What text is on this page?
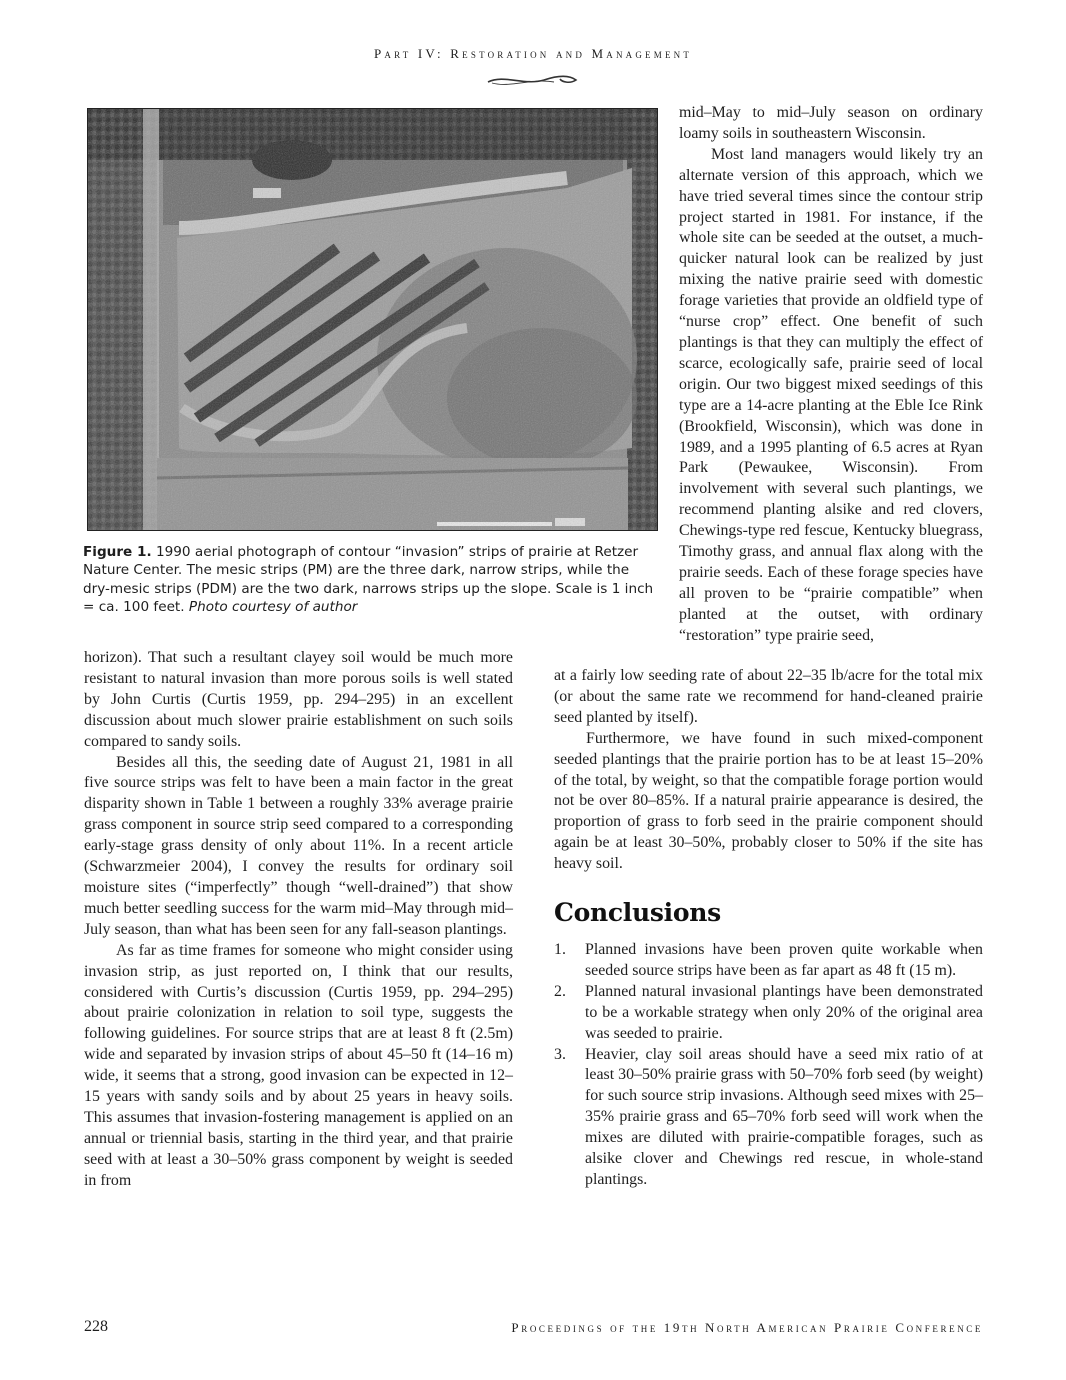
Part IV: Restoration and Management
Figure 1. 1990 aerial photograph of contour “invasion” strips of prairie at Retzer Nature Center. The mesic strips (PM) are the three dark, narrow strips, while the dry-mesic strips (PDM) are the two dark, narrows strips up the slope. Scale is 1 inch = ca. 100 feet. Photo courtesy of author

mid–May to mid–July season on ordinary loamy soils in southeastern Wisconsin.

Most land managers would likely try an alternate version of this approach, which we have tried several times since the contour strip project started in 1981. For instance, if the whole site can be seeded at the outset, a much-quicker natural look can be realized by just mixing the native prairie seed with domestic forage varieties that provide an oldfield type of “nurse crop” effect. One benefit of such plantings is that they can multiply the effect of scarce, ecologically safe, prairie seed of local origin. Our two biggest mixed seedings of this type are a 14-acre planting at the Eble Ice Rink (Brookfield, Wisconsin), which was done in 1989, and a 1995 planting of 6.5 acres at Ryan Park (Pewaukee, Wisconsin). From involvement with several such plantings, we recommend planting alsike and red clovers, Chewings-type red fescue, Kentucky bluegrass, Timothy grass, and annual flax along with the prairie seeds. Each of these forage species have all proven to be “prairie compatible” when planted at the outset, with ordinary “restoration” type prairie seed,

horizon). That such a resultant clayey soil would be much more resistant to natural invasion than more porous soils is well stated by John Curtis (Curtis 1959, pp. 294–295) in an excellent discussion about much slower prairie establishment on such soils compared to sandy soils.

Besides all this, the seeding date of August 21, 1981 in all five source strips was felt to have been a main factor in the great disparity shown in Table 1 between a roughly 33% average prairie grass component in source strip seed compared to a corresponding early-stage grass density of only about 11%. In a recent article (Schwarzmeier 2004), I convey the results for ordinary soil moisture sites (“imperfectly” though “well-drained”) that show much better seedling success for the warm mid–May through mid–July season, than what has been seen for any fall-season plantings.

As far as time frames for someone who might consider using invasion strip, as just reported on, I think that our results, considered with Curtis’s discussion (Curtis 1959, pp. 294–295) about prairie colonization in relation to soil type, suggests the following guidelines. For source strips that are at least 8 ft (2.5m) wide and separated by invasion strips of about 45–50 ft (14–16 m) wide, it seems that a strong, good invasion can be expected in 12–15 years with sandy soils and by about 25 years in heavy soils. This assumes that invasion-fostering management is applied on an annual or triennial basis, starting in the third year, and that prairie seed with at least a 30–50% grass component by weight is seeded in from

at a fairly low seeding rate of about 22–35 lb/acre for the total mix (or about the same rate we recommend for hand-cleaned prairie seed planted by itself).

Furthermore, we have found in such mixed-component seeded plantings that the prairie portion has to be at least 15–20% of the total, by weight, so that the compatible forage portion would not be over 80–85%. If a natural prairie appearance is desired, the proportion of grass to forb seed in the prairie component should again be at least 30–50%, probably closer to 50% if the site has heavy soil.

Conclusions
1. Planned invasions have been proven quite workable when seeded source strips have been as far apart as 48 ft (15 m).
2. Planned natural invasional plantings have been demonstrated to be a workable strategy when only 20% of the original area was seeded to prairie.
3. Heavier, clay soil areas should have a seed mix ratio of at least 30–50% prairie grass with 50–70% forb seed (by weight) for such source strip invasions. Although seed mixes with 25–35% prairie grass and 65–70% forb seed will work when the mixes are diluted with prairie-compatible forages, such as alsike clover and Chewings red rescue, in whole-stand plantings.
228	Proceedings of the 19th North American Prairie Conference
